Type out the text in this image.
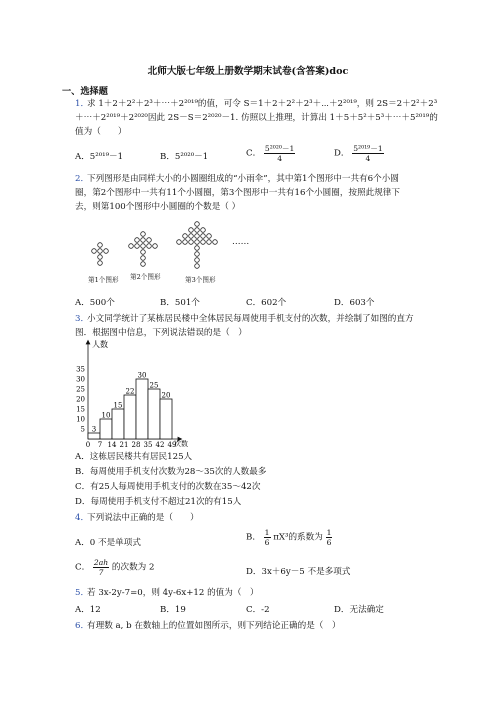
北师大版七年级上册数学期末试卷(含答案)doc
一、选择题
1．
求 1＋2＋2²＋2³＋⋯＋2²⁰¹⁹的值，可令 S＝1＋2＋2²＋2³＋⋯＋2²⁰¹⁹，则 2S＝2＋2²＋2³
＋⋯＋2²⁰¹⁹＋2²⁰²⁰因此 2S－S＝2²⁰²⁰－1. 仿照以上推理，计算出 1＋5＋5²＋5³＋⋯＋5²⁰¹⁹的
值为（　　）
A．5²⁰¹⁹－1	B．5²⁰²⁰－1	C． $\frac{\text{5²⁰²⁰－1}}{4}$	D． $\frac{\text{5²⁰¹⁹－1}}{4}$
2．
下列图形是由同样大小的小圆圈组成的“小雨伞”，其中第1个图形中一共有6个小圆
圈，第2个图形中一共有11个小圆圈，第3个图形中一共有16个小圆圈，按照此规律下
去，则第100个图形中小圆圈的个数是（ ）
第1个图形 第2个图形	第3个图形
……
A．500个	B．501个	C．602个	D．603个
3．
小文同学统计了某栋居民楼中全体居民每周使用手机支付的次数，并绘制了如图的直方
图．根据图中信息，下列说法错误的是（　）
人数
次数
5
10
15
20
25
30
35
0 7 14 21 28 35 42 49
3
10
15
22
30
25
20
A．这栋居民楼共有居民125人
B．每周使用手机支付次数为28～35次的人数最多
C．有25人每周使用手机支付的次数在35～42次
D．每周使用手机支付不超过21次的有15人
4．
下列说法中正确的是（　　）
A．0 不是单项式
B． $\frac{1}{6} \pi X^3$的系数为 $\frac{1}{6}$
C． $\frac{2ah}{7}$ 的次数为 2	D．3x＋6y－5 不是多项式
5．
若 3x-2y-7=0，则 4y-6x+12 的值为（　）
A．12	B．19	C．-2	D．无法确定
6．
有理数 a, b 在数轴上的位置如图所示，则下列结论正确的是（　）
